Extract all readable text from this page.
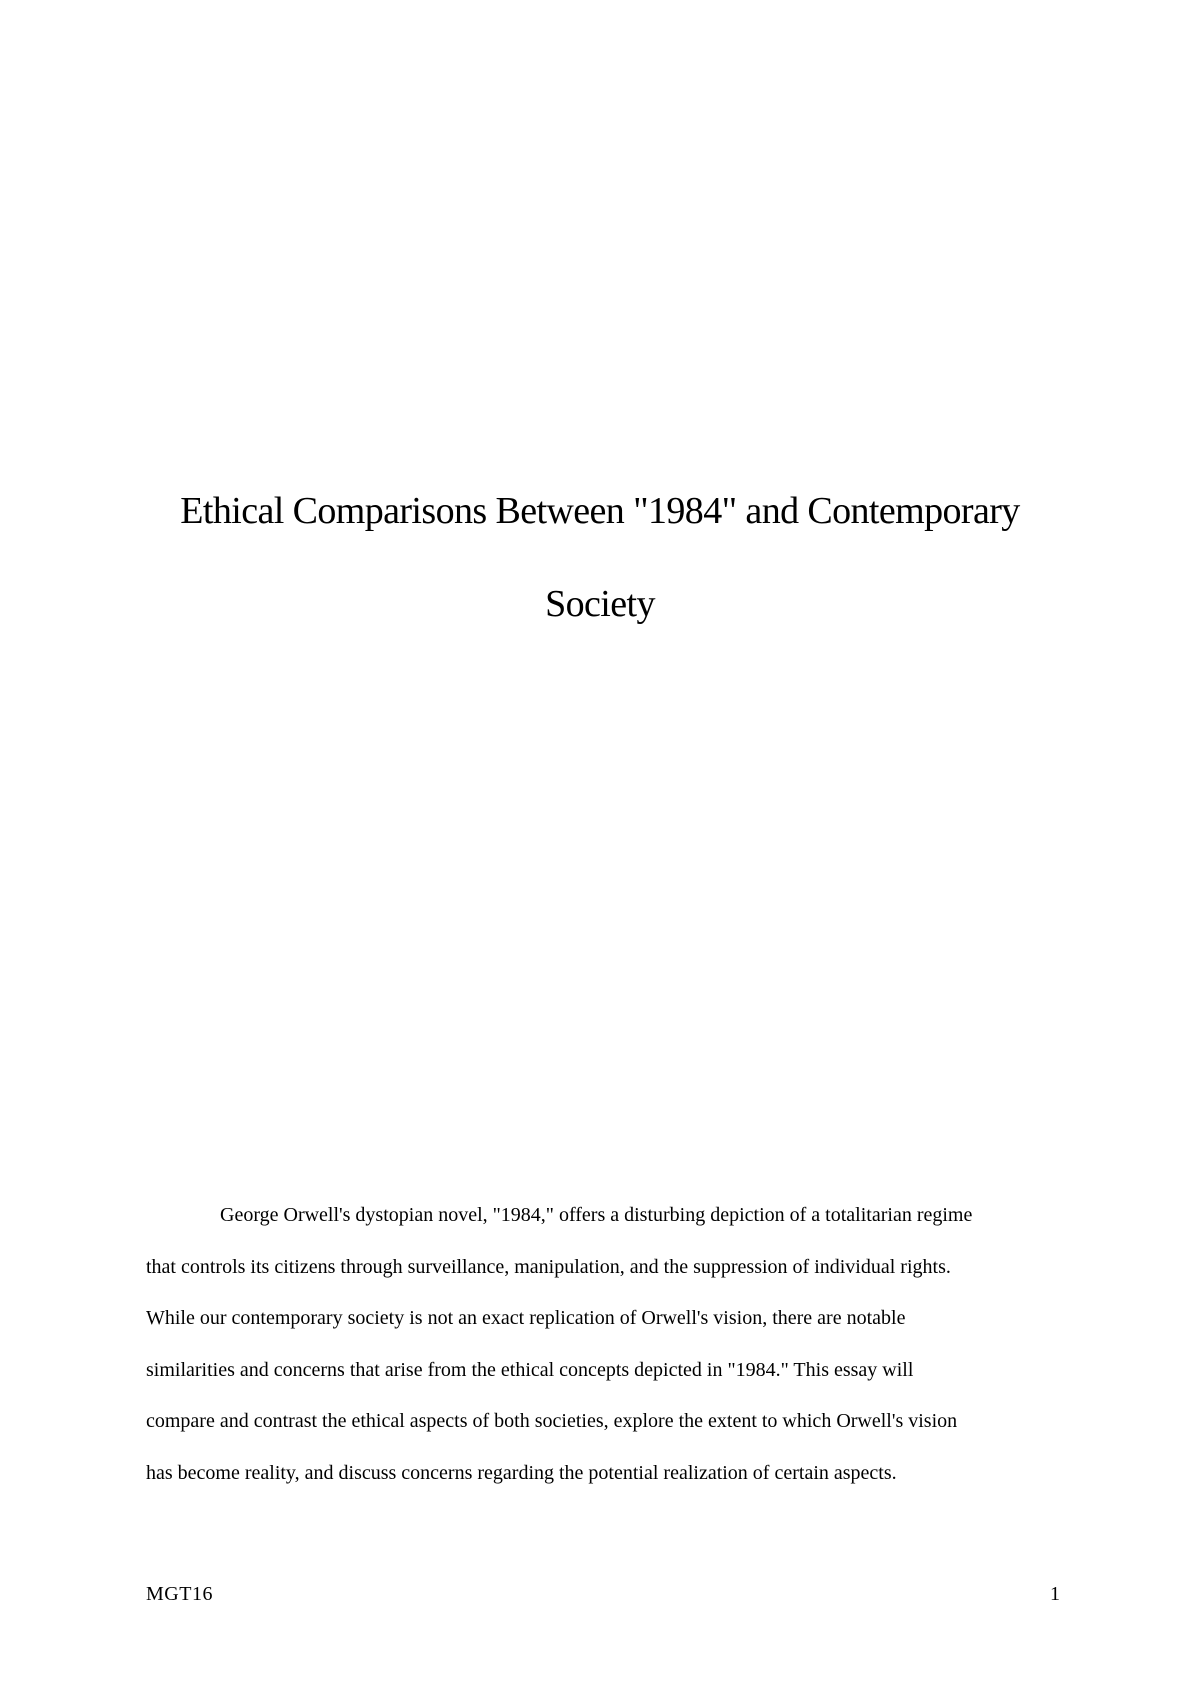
Ethical Comparisons Between "1984" and Contemporary
Society
George Orwell's dystopian novel, "1984," offers a disturbing depiction of a totalitarian regime
that controls its citizens through surveillance, manipulation, and the suppression of individual rights.
While our contemporary society is not an exact replication of Orwell's vision, there are notable
similarities and concerns that arise from the ethical concepts depicted in "1984." This essay will
compare and contrast the ethical aspects of both societies, explore the extent to which Orwell's vision
has become reality, and discuss concerns regarding the potential realization of certain aspects.
MGT16	1
